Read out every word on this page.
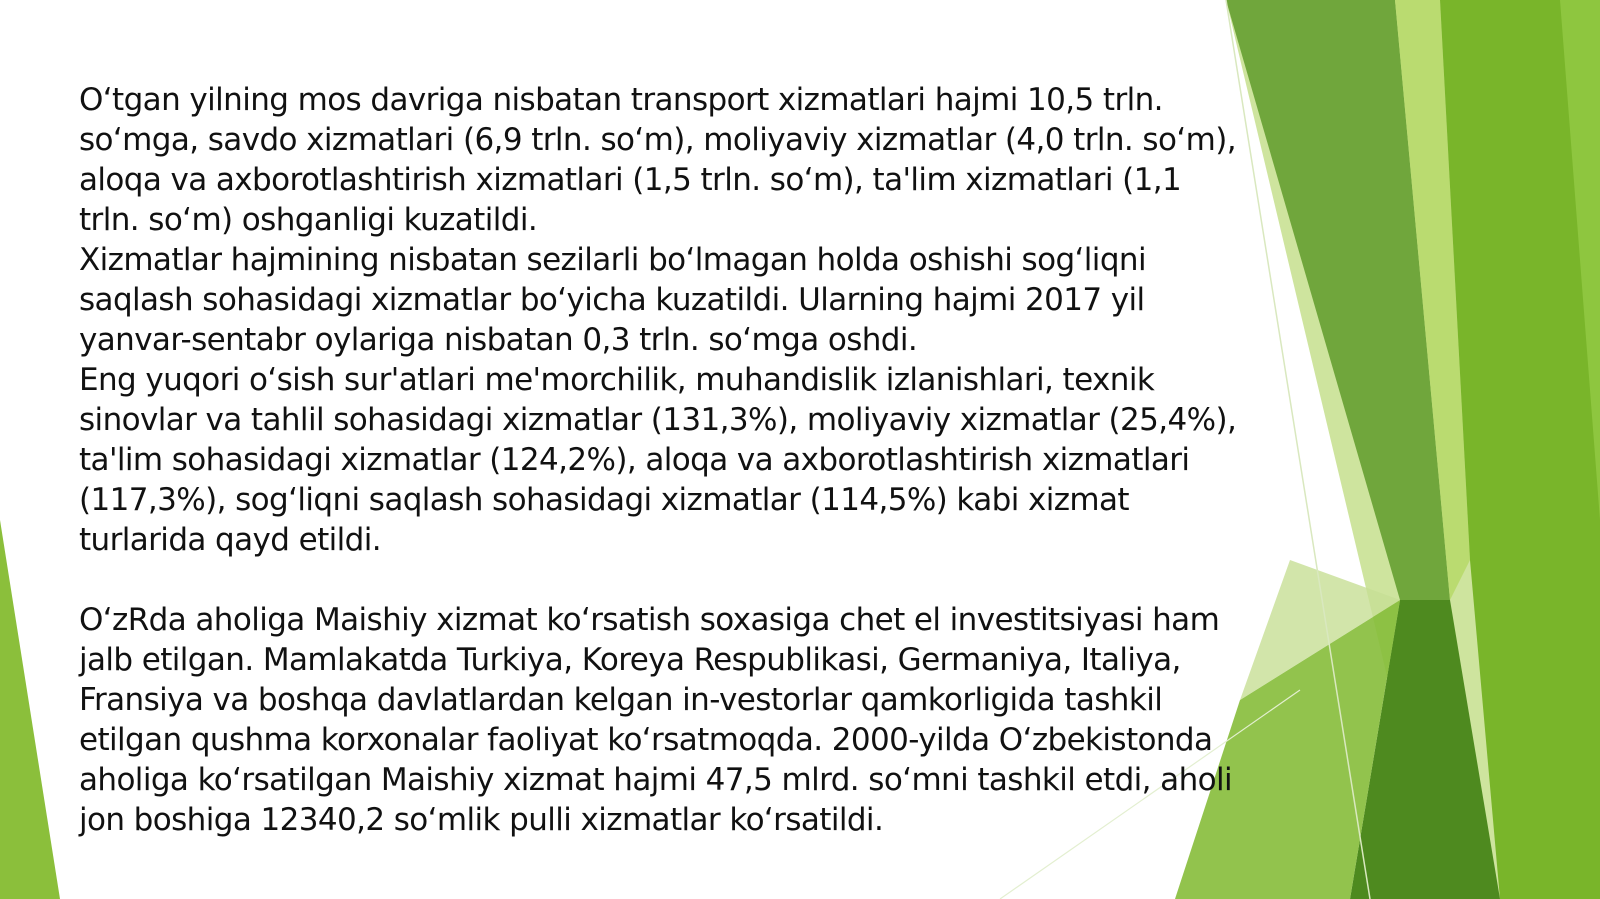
O‘tgan yilning mos davriga nisbatan transport xizmatlari hajmi 10,5 trln. so‘mga, savdo xizmatlari (6,9 trln. so‘m), moliyaviy xizmatlar (4,0 trln. so‘m), aloqa va axborotlashtirish xizmatlari (1,5 trln. so‘m), ta'lim xizmatlari (1,1 trln. so‘m) oshganligi kuzatildi.

Xizmatlar hajmining nisbatan sezilarli bo‘lmagan holda oshishi sog‘liqni saqlash sohasidagi xizmatlar bo‘yicha kuzatildi. Ularning hajmi 2017 yil yanvar-sentabr oylariga nisbatan 0,3 trln. so‘mga oshdi.

Eng yuqori o‘sish sur'atlari me'morchilik, muhandislik izlanishlari, texnik sinovlar va tahlil sohasidagi xizmatlar (131,3%), moliyaviy xizmatlar (25,4%), ta'lim sohasidagi xizmatlar (124,2%), aloqa va axborotlashtirish xizmatlari (117,3%), sog‘liqni saqlash sohasidagi xizmatlar (114,5%) kabi xizmat turlarida qayd etildi.

O‘zRda aholiga Maishiy xizmat ko‘rsatish soxasiga chet el investitsiyasi ham jalb etilgan. Mamlakatda Turkiya, Koreya Respublikasi, Germaniya, Italiya, Fransiya va boshqa davlatlardan kelgan in-vestorlar qamkorligida tashkil etilgan qushma korxonalar faoliyat ko‘rsatmoqda. 2000-yilda O‘zbekistonda aholiga ko‘rsatilgan Maishiy xizmat hajmi 47,5 mlrd. so‘mni tashkil etdi, aholi jon boshiga 12340,2 so‘mlik pulli xizmatlar ko‘rsatildi.
